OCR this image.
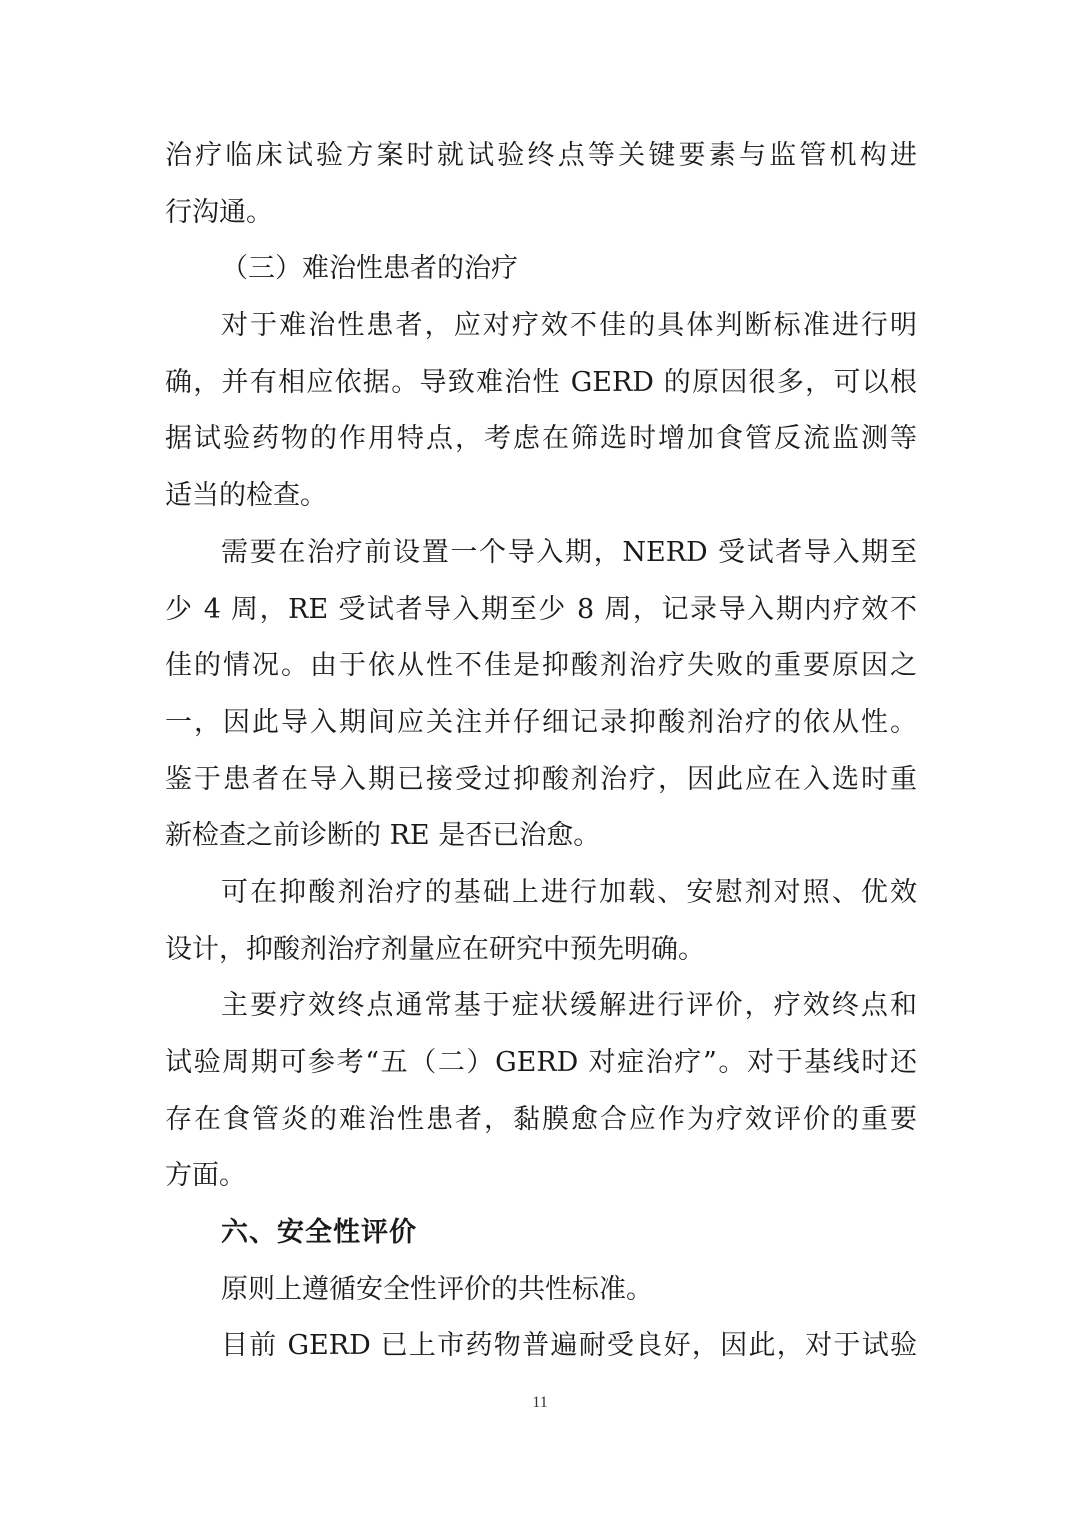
治疗临床试验方案时就试验终点等关键要素与监管机构进
行沟通。
（三）难治性患者的治疗
对于难治性患者，应对疗效不佳的具体判断标准进行明
确，并有相应依据。导致难治性 GERD 的原因很多，可以根
据试验药物的作用特点，考虑在筛选时增加食管反流监测等
适当的检查。
需要在治疗前设置一个导入期，NERD 受试者导入期至
少 4 周，RE 受试者导入期至少 8 周，记录导入期内疗效不
佳的情况。由于依从性不佳是抑酸剂治疗失败的重要原因之
一，因此导入期间应关注并仔细记录抑酸剂治疗的依从性。
鉴于患者在导入期已接受过抑酸剂治疗，因此应在入选时重
新检查之前诊断的 RE 是否已治愈。
可在抑酸剂治疗的基础上进行加载、安慰剂对照、优效
设计，抑酸剂治疗剂量应在研究中预先明确。
主要疗效终点通常基于症状缓解进行评价，疗效终点和
试验周期可参考“五（二）GERD 对症治疗”。对于基线时还
存在食管炎的难治性患者，黏膜愈合应作为疗效评价的重要
方面。
六、安全性评价
原则上遵循安全性评价的共性标准。
目前 GERD 已上市药物普遍耐受良好，因此，对于试验
11
